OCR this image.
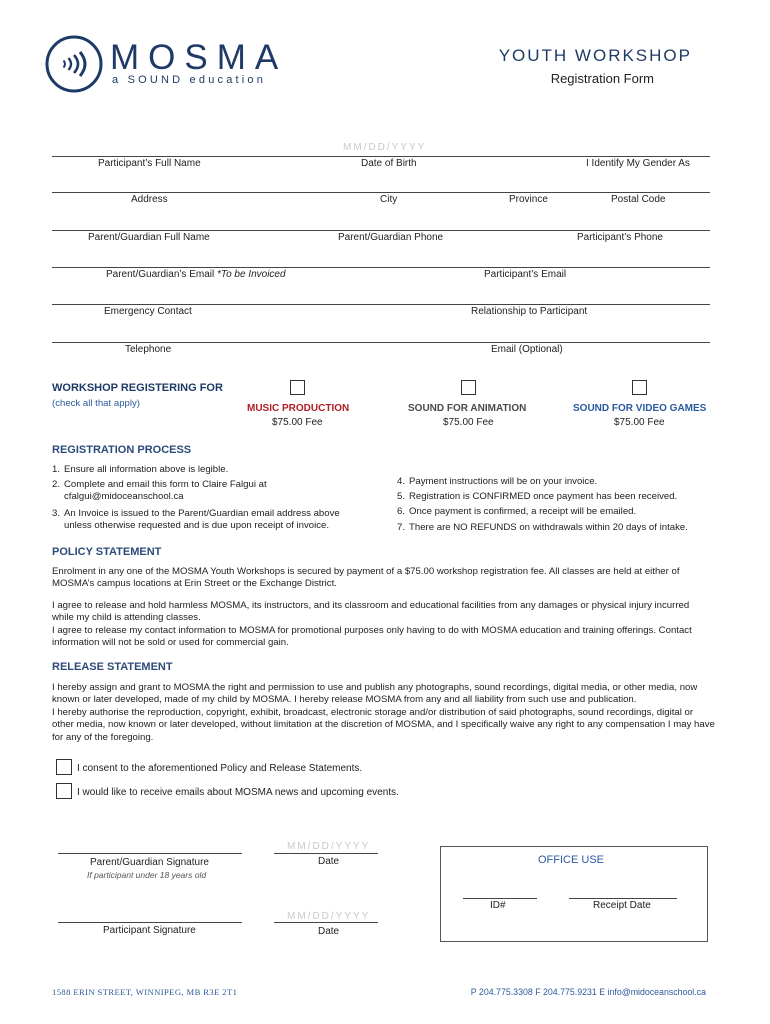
MOSMA
a SOUND education
YOUTH WORKSHOP
Registration Form
MM/DD/YYYY
Participant’s Full Name	Date of Birth	I Identify My Gender As
Address	City	Province	Postal Code
Parent/Guardian Full Name	Parent/Guardian Phone	Participant’s Phone
Parent/Guardian’s Email *To be Invoiced	Participant’s Email
Emergency Contact	Relationship to Participant
Telephone	Email (Optional)
WORKSHOP REGISTERING FOR
(check all that apply)	MUSIC PRODUCTION
$75.00 Fee
SOUND FOR ANIMATION
$75.00 Fee
SOUND FOR VIDEO GAMES
$75.00 Fee
REGISTRATION PROCESS
1. Ensure all information above is legible.
2. Complete and email this form to Claire Falgui at
cfalgui@midoceanschool.ca
3. An Invoice is issued to the Parent/Guardian email address above
unless otherwise requested and is due upon receipt of invoice.
4. Payment instructions will be on your invoice.
5. Registration is CONFIRMED once payment has been received.
6. Once payment is confirmed, a receipt will be emailed.
7. There are NO REFUNDS on withdrawals within 20 days of intake.
POLICY STATEMENT
Enrolment in any one of the MOSMA Youth Workshops is secured by payment of a $75.00 workshop registration fee. All classes are held at either of MOSMA’s campus locations at Erin Street or the Exchange District.
I agree to release and hold harmless MOSMA, its instructors, and its classroom and educational facilities from any damages or physical injury incurred while my child is attending classes.
I agree to release my contact information to MOSMA for promotional purposes only having to do with MOSMA education and training offerings. Contact information will not be sold or used for commercial gain.
RELEASE STATEMENT
I hereby assign and grant to MOSMA the right and permission to use and publish any photographs, sound recordings, digital media, or other media, now known or later developed, made of my child by MOSMA. I hereby release MOSMA from any and all liability from such use and publication.
I hereby authorise the reproduction, copyright, exhibit, broadcast, electronic storage and/or distribution of said photographs, sound recordings, digital or other media, now known or later developed, without limitation at the discretion of MOSMA, and I specifically waive any right to any compensation I may have for any of the foregoing.
I consent to the aforementioned Policy and Release Statements.
I would like to receive emails about MOSMA news and upcoming events.
MM/DD/YYYY
Parent/Guardian Signature	Date
If participant under 18 years old
MM/DD/YYYY
Participant Signature	Date
OFFICE USE
ID#	Receipt Date
1588 ERIN STREET, WINNIPEG, MB R3E 2T1	P 204.775.3308 F 204.775.9231 E info@midoceanschool.ca
